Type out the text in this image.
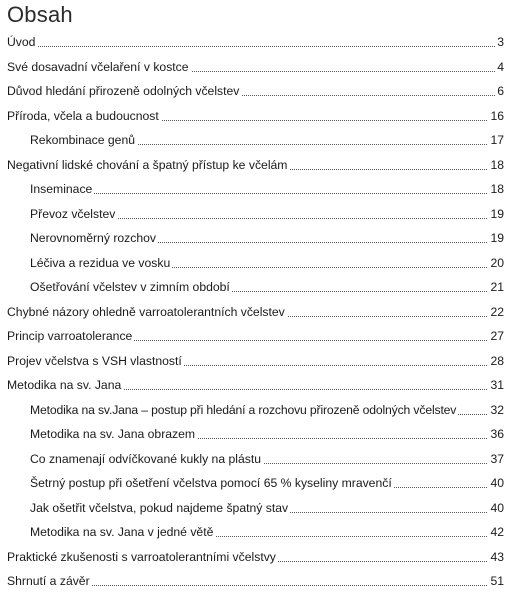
Obsah
Úvod	3
Své dosavadní včelaření v kostce	4
Důvod hledání přirozeně odolných včelstev	6
Příroda, včela a budoucnost	16
Rekombinace genů	17
Negativní lidské chování a špatný přístup ke včelám	18
Inseminace	18
Převoz včelstev	19
Nerovnoměrný rozchov	19
Léčiva a rezidua ve vosku	20
Ošetřování včelstev v zimním období	21
Chybné názory ohledně varroatolerantních včelstev	22
Princip varroatolerance	27
Projev včelstva s VSH vlastností	28
Metodika na sv. Jana	31
Metodika na sv.Jana – postup při hledání a rozchovu přirozeně odolných včelstev	32
Metodika na sv. Jana obrazem	36
Co znamenají odvíčkované kukly na plástu	37
Šetrný postup při ošetření včelstva pomocí 65 % kyseliny mravenčí	40
Jak ošetřit včelstva, pokud najdeme špatný stav	40
Metodika na sv. Jana v jedné větě	42
Praktické zkušenosti s varroatolerantními včelstvy	43
Shrnutí a závěr	51
